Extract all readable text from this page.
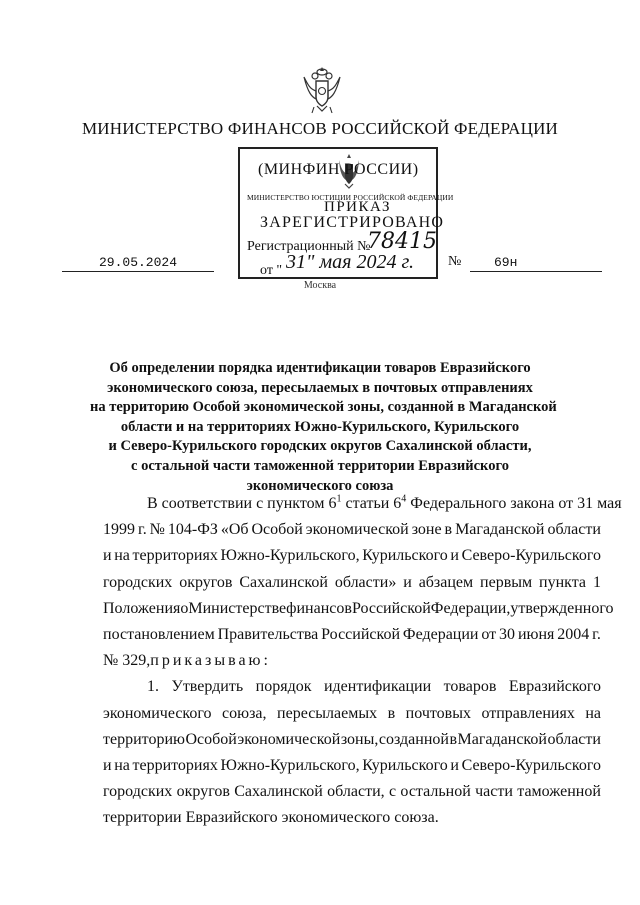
МИНИСТЕРСТВО ФИНАНСОВ РОССИЙСКОЙ ФЕДЕРАЦИИ
(МИНФИН РОССИИ)
МИНИСТЕРСТВО ЮСТИЦИИ РОССИЙСКОЙ ФЕДЕРАЦИИ
ПРИКАЗ
ЗАРЕГИСТРИРОВАНО
Регистрационный №
78415
от " 31" мая 2024 г.
29.05.2024	№	69н
Москва
Об определении порядка идентификации товаров Евразийского
экономического союза, пересылаемых в почтовых отправлениях
на территорию Особой экономической зоны, созданной в Магаданской
области и на территориях Южно-Курильского, Курильского
и Северо-Курильского городских округов Сахалинской области,
с остальной части таможенной территории Евразийского
экономического союза
В соответствии с пунктом $6^1$ статьи $6^4$ Федерального закона от 31 мая
1999 г. № 104-ФЗ «Об Особой экономической зоне в Магаданской области
и на территориях Южно-Курильского, Курильского и Северо-Курильского
городских округов Сахалинской области» и абзацем первым пункта 1
Положения о Министерстве финансов Российской Федерации, утвержденного
постановлением Правительства Российской Федерации от 30 июня 2004 г.
№ 329, приказываю:
1. Утвердить порядок идентификации товаров Евразийского
экономического союза, пересылаемых в почтовых отправлениях на
территорию Особой экономической зоны, созданной в Магаданской области
и на территориях Южно-Курильского, Курильского и Северо-Курильского
городских округов Сахалинской области, с остальной части таможенной
территории Евразийского экономического союза.
